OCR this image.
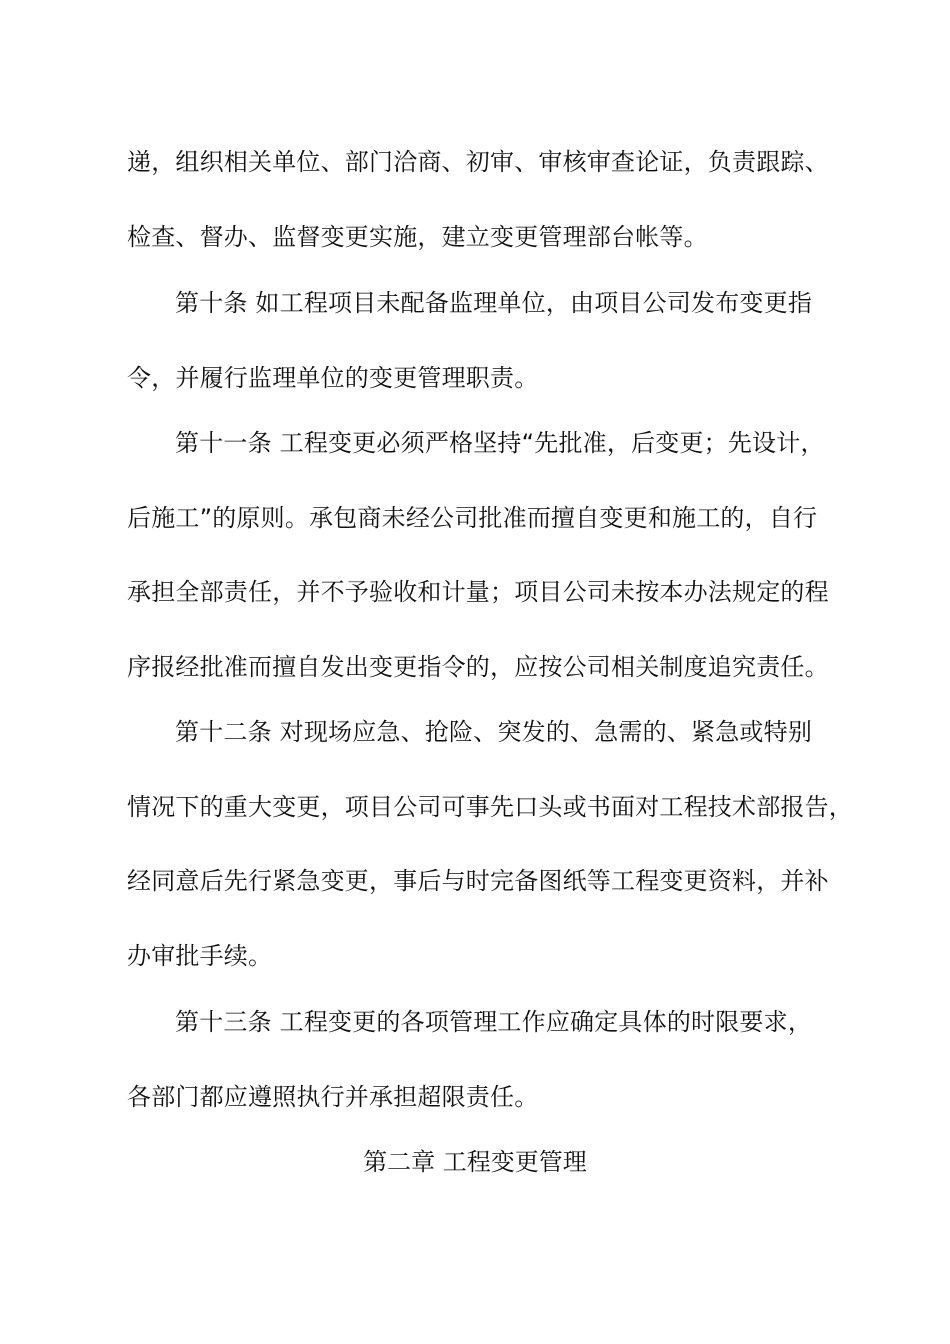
递，组织相关单位、部门洽商、初审、审核审查论证，负责跟踪、
检查、督办、监督变更实施，建立变更管理部台帐等。
第十条 如工程项目未配备监理单位，由项目公司发布变更指
令，并履行监理单位的变更管理职责。
第十一条 工程变更必须严格坚持“先批准，后变更；先设计，
后施工”的原则。承包商未经公司批准而擅自变更和施工的，自行
承担全部责任，并不予验收和计量；项目公司未按本办法规定的程
序报经批准而擅自发出变更指令的，应按公司相关制度追究责任。
第十二条 对现场应急、抢险、突发的、急需的、紧急或特别
情况下的重大变更，项目公司可事先口头或书面对工程技术部报告，
经同意后先行紧急变更，事后与时完备图纸等工程变更资料，并补
办审批手续。
第十三条 工程变更的各项管理工作应确定具体的时限要求，
各部门都应遵照执行并承担超限责任。
第二章 工程变更管理
